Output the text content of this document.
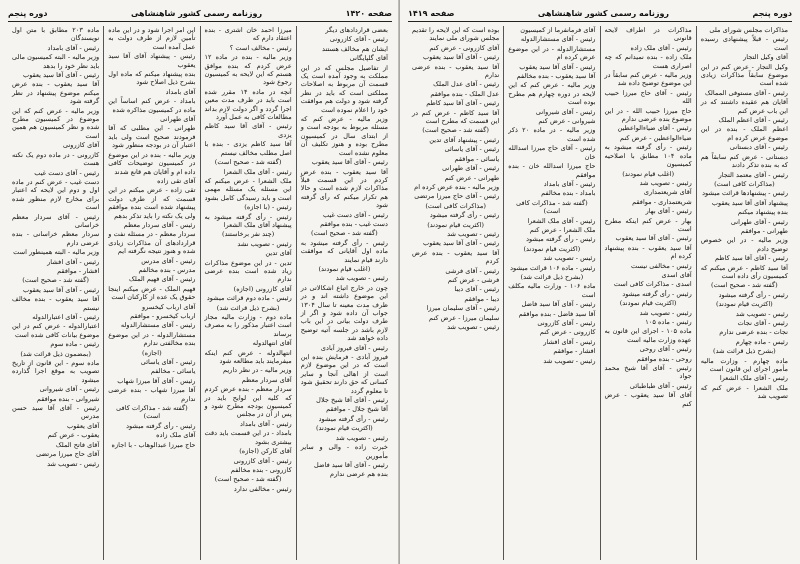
صفحه ۱۴۲۰
روزنامه رسمی کشور شاهنشاهی
دوره پنجم

بعضی قراردادهای دیگر

رئیس - آقای کازرونی

ایشان هم مخالف هستند

آقای گلپایگانی

از تفاصیل مجلس که در این مملکت به وجود آمده است یک قسمت آن مربوط به اصلاحات مملکتی است که باید در نظر گرفته شود و دولت هم موافقت خود را اعلام نموده است

وزیر مالیه - عرض کنم که مسئله مربوط به بودجه است و از ابتدای سال در کمیسیون مطرح بوده و هنوز تکلیف آن معلوم نشده است

رئیس - آقای آقا سید یعقوب

آقا سید یعقوب - بنده عرض کردم در این قسمت قبلاً مذاکرات لازم شده است و حالا هم تکرار میکنم که رأی گرفته شود

رئیس - آقای دست غیب

دست غیب - بنده موافقم

(گفته شد - صحیح است)

رئیس - رأی گرفته میشود به ماده اول آقایانی که موافقت دارند قیام نمایند

(اغلب قیام نمودند)

رئیس - تصویب شد

چون در خارج اتباع اشکالاتی در این موضوع داشته اند و در ظرف مدت معینه تا سال ۱۳۰۴ جواب آن داده شود و اگر از طرف دولت بیانی در این باب لازم باشد در جلسه آتیه توضیح داده خواهد شد

رئیس - آقای فیروز آبادی

فیروز آبادی - فرمایش بنده این است که در این موضوع لازم است از اهالی آنجا و سایر کسانی که حق دارند تحقیق شود تا معلوم گردد

رئیس - آقای آقا شیخ جلال

آقا شیخ جلال - موافقم

رئیس - رأی گرفته میشود

(اکثریت قیام نمودند)

رئیس - تصویب شد

خبرت زاده - والی و سایر مأمورین

رئیس - آقای آقا سید فاضل

بنده هم عرضی ندارم

میرزا احمد خان اشتری - بنده اعتقاد دارم که

رئیس - مخالف است ؟

وزیر مالیه - بنده در ماده ۱۲ عرض کردم که بنده موافق هستم که این لایحه به کمیسیون رجوع شود

آنچه در ماده ۱۴ مقرر شده است باید در ظرف مدت معین اجرا گردد و اگر دولت لازم بداند مطالعات کافی به عمل آورد

رئیس - آقای آقا سید کاظم یزدی

آقا سید کاظم یزدی - بنده با اصل مطلب مخالف نیستم

(گفته شد - صحیح است)

رئیس - آقای ملک الشعرا

ملک الشعرا - عرض میکنم که این مسئله یک مسئله مهمی است و باید رسیدگی کامل بشود

رئیس - (با اجازه)

رئیس - رأی گرفته میشود به پیشنهاد آقای ملک الشعرا

(چند نفر برخاستند)

رئیس - تصویب نشد

آقای تدین

تدین - در این موضوع مذاکرات زیاد شده است بنده عرضی ندارم

آقای کازرونی (اجازه)

رئیس - ماده دوم قرائت میشود

(بشرح ذیل قرائت شد)

ماده دوم - وزارت مالیه مجاز است اعتبار مذکور را به مصرف برساند

آقای انتهالدوله

انتهالدوله - عرض کنم اینکه میفرمایند باید مطالعه شود

وزیر مالیه - در نظر داریم

آقای سردار معظم

سردار معظم - بنده عرض کردم که کلیه این لوایح باید در کمیسیون بودجه مطرح شود و پس از آن در مجلس

رئیس - آقای بامداد

بامداد - در این قسمت باید دقت بیشتری بشود

آقای کارکن (اجازه)

رئیس - آقای کازرونی

کازرونی - بنده مخالفم

(گفته شد - صحیح است)

رئیس - مخالفی ندارد

این امر اجرا شود و در این ماده تأمین لازم از طرف دولت به عمل آمده است

رئیس - پیشنهاد آقای آقا سید یعقوب

بنده پیشنهاد میکنم که ماده اول بشرح ذیل اصلاح شود

آقای بامداد

بامداد - عرض کنم اساساً این ماده در کمیسیون مذاکره شده

آقای طهرانی

طهرانی - این مطلبی که آقا فرمودند صحیح است ولی باید اعتبار آن در بودجه منظور شود

وزیر مالیه - بنده در این موضوع در کمیسیون توضیحات کافی داده ام و آقایان هم قانع شدند

آقای تقی زاده

تقی زاده - عرض میکنم در این قسمت که از طرف دولت پیشنهاد شده است بنده موافقم ولی یک نکته را باید تذکر بدهم

رئیس - آقای سردار معظم

سردار معظم - در مسئله نفت و قراردادهای آن مذاکرات زیادی شده و هنوز نتیجه نگرفته ایم

رئیس - آقای مدرس

مدرس - بنده مخالفم

رئیس - آقای فهیم الملک

فهیم الملک - عرض میکنم اینجا حقوق یک عده از کارکنان است

آقای ارباب کیخسرو

ارباب کیخسرو - موافقم

رئیس - آقای مستشارالدوله

مستشارالدوله - در این موضوع بنده مخالفتی ندارم

(اجازه)

رئیس - آقای یاسائی

یاسائی - مخالفم

رئیس - آقای آقا میرزا شهاب

آقا میرزا شهاب - بنده عرضی ندارم

(گفته شد - مذاکرات کافی است)

رئیس - رأی گرفته میشود

آقای ملک زاده

حاج میرزا عبدالوهاب - با اجازه

ماده ۲۰۳ مطابق با متن اول نویسندگان

رئیس - آقای بامداد

وزیر مالیه - البته کمیسیون مالی باید نظر خود را بدهد

رئیس - آقای آقا سید یعقوب

آقا سید یعقوب - بنده عرض میکنم موضوع پیشنهاد در نظر گرفته شود

وزیر مالیه - عرض کنم که این موضوع در کمیسیون مطرح شده و نظر کمیسیون هم همین است

آقای کازرونی

کازرونی - در ماده دوم یک نکته هست

رئیس - آقای دست غیب

دست غیب - عرض کنم در ماده اول و دوم این لایحه که اعتبار برای مخارج لازم منظور شده است

رئیس - آقای سردار معظم خراسانی

سردار معظم خراسانی - بنده عرضی دارم

وزیر مالیه - البته همینطور است

رئیس - آقای افشار

افشار - موافقم

(گفته شد - صحیح است)

رئیس - آقای آقا سید یعقوب

آقا سید یعقوب - بنده مخالف نیستم

رئیس - آقای اعتبارالدوله

اعتبارالدوله - عرض کنم در این موضوع بیانات کافی شده است

رئیس - ماده سوم

(بمضمون ذیل قرائت شد)

ماده سوم - این قانون از تاریخ تصویب به موقع اجرا گذارده میشود

رئیس - آقای شیروانی

شیروانی - بنده موافقم

رئیس - آقای آقا سید حسن مدرس

آقای یعقوب

یعقوب - عرض کنم

آقای فاتح الملک

آقای حاج میرزا مرتضی

رئیس - تصویب شد

دوره پنجم
روزنامه رسمی کشور شاهنشاهی
صفحه ۱۴۱۹

مذاکرات مجلس شورای ملی

رئیس - قبلاً پیشنهادی رسیده است

آقای وکیل التجار

وکیل التجار - عرض کنم در این موضوع سابقاً مذاکرات زیادی شده است

رئیس - آقای مستوفی الممالک

آقایان هم عقیده داشتند که در این باب عرض کنم

رئیس - آقای اعظم الملک

اعظم الملک - بنده در این موضوع عرض کرده ام

رئیس - آقای دبستانی

دبستانی - عرض کنم سابقاً هم که به بنده تذکر دادند

رئیس - آقای معتمد التجار

(مذاکرات کافی است)

رئیس - پیشنهادها قرائت میشود

پیشنهاد آقای آقا سید یعقوب

بنده پیشنهاد میکنم

رئیس - آقای طهرانی

طهرانی - موافقم

وزیر مالیه - در این خصوص توضیح دادم

رئیس - آقای آقا سید کاظم

آقا سید کاظم - عرض میکنم که کمیسیون رأی داده است

(گفته شد - صحیح است)

رئیس - رأی گرفته میشود

(اکثریت قیام نمودند)

رئیس - تصویب شد

رئیس - آقای نجات

نجات - بنده عرضی ندارم

رئیس - ماده چهارم

(بشرح ذیل قرائت شد)

ماده چهارم - وزارت مالیه مأمور اجرای این قانون است

رئیس - آقای ملک الشعرا

ملک الشعرا - عرض کنم که تصویب شد

مذاکرات در اطراف لایحه قانونی

رئیس - آقای ملک زاده

ملک زاده - بنده نمیدانم که چه اصراری هست

وزیر مالیه - عرض کنم سابقاً در این موضوع توضیح داده شد

رئیس - آقای حاج میرزا حبیب الله

حاج میرزا حبیب الله - در این موضوع بنده عرضی ندارم

رئیس - آقای ضیاءالواعظین

ضیاءالواعظین - عرض کنم

رئیس - رأی گرفته میشود به ماده ۱۰۴ مطابق با اصلاحیه کمیسیون

(اغلب قیام نمودند)

رئیس - تصویب شد

آقای شریعتمداری

شریعتمداری - موافقم

رئیس - آقای بهار

بهار - عرض کنم اینکه مطرح است

رئیس - آقای آقا سید یعقوب

آقا سید یعقوب - بنده پیشنهاد کرده ام

رئیس - مخالفی نیست

آقای اسدی

اسدی - مذاکرات کافی است

رئیس - رأی گرفته میشود

(اکثریت قیام نمودند)

رئیس - تصویب شد

رئیس - ماده ۱۰۵

ماده ۱۰۵ - اجرای این قانون به عهده وزارت مالیه است

رئیس - آقای روحی

روحی - بنده موافقم

رئیس - آقای آقا شیخ محمد جواد

رئیس - آقای طباطبائی

آقای آقا سید یعقوب - عرض کنم

آقای فرمانفرما از کمیسیون

رئیس - آقای مستشارالدوله

مستشارالدوله - در این موضوع عرض کرده ام

رئیس - آقای آقا سید یعقوب

آقا سید یعقوب - بنده مخالفم

وزیر مالیه - عرض کنم که این لایحه در دوره چهارم هم مطرح بوده است

رئیس - آقای شیروانی

شیروانی - عرض کنم

وزیر مالیه - در ماده ۲۰ ذکر شده است

رئیس - آقای حاج میرزا اسدالله خان

حاج میرزا اسدالله خان - بنده موافقم

رئیس - آقای بامداد

بامداد - بنده مخالفم

(گفته شد - مذاکرات کافی است)

رئیس - آقای ملک الشعرا

ملک الشعرا - عرض کنم

رئیس - رأی گرفته میشود

(اکثریت قیام نمودند)

رئیس - تصویب شد

رئیس - ماده ۱۰۶ قرائت میشود

(بشرح ذیل قرائت شد)

ماده ۱۰۶ - وزارت مالیه مکلف است

رئیس - آقای آقا سید فاضل

آقا سید فاضل - بنده موافقم

رئیس - آقای کازرونی

کازرونی - عرض کنم

رئیس - آقای افشار

افشار - موافقم

رئیس - تصویب شد

بوده است که این لایحه را تقدیم مجلس شورای ملی نمایند

آقای کازرونی - عرض کنم

رئیس - آقای آقا سید یعقوب

آقا سید یعقوب - بنده عرضی ندارم

رئیس - آقای عدل الملک

عدل الملک - بنده موافقم

رئیس - آقای آقا سید کاظم

آقا سید کاظم - عرض کنم در این قسمت که مطرح است

(گفته شد - صحیح است)

رئیس - پیشنهاد آقای تدین

رئیس - آقای یاسائی

یاسائی - موافقم

رئیس - آقای طهرانی

طهرانی - عرض کنم

وزیر مالیه - بنده عرض کرده ام

رئیس - آقای حاج میرزا مرتضی

(مذاکرات کافی است)

رئیس - رأی گرفته میشود

(اکثریت قیام نمودند)

رئیس - تصویب شد

رئیس - آقای آقا سید یعقوب

آقا سید یعقوب - بنده عرض کردم

رئیس - آقای فرشی

فرشی - عرض کنم

رئیس - آقای دیبا

دیبا - موافقم

رئیس - آقای سلیمان میرزا

سلیمان میرزا - عرض کنم

رئیس - تصویب شد
